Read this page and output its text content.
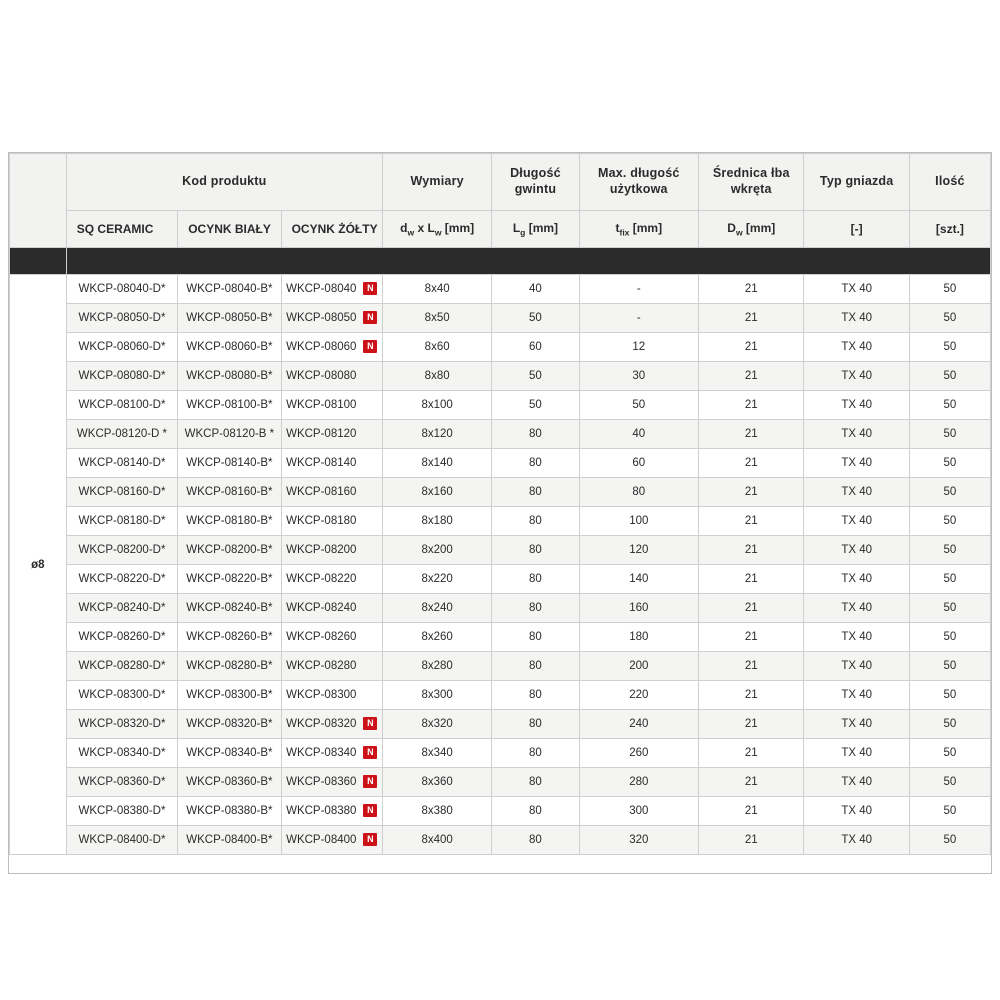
	Kod produktu			Wymiary	Długość gwintu	Max. długość użytkowa	Średnica łba wkręta	Typ gniazda	Ilość
	SQ CERAMIC	OCYNK BIAŁY	OCYNK ŻÓŁTY	$d_w$ x $L_w$ [mm]	$L_g$ [mm]	$t_{fix}$ [mm]	$D_w$ [mm]	[-]	[szt.]
	WKCP-8								
ø8	WKCP-08040-D*	WKCP-08040-B*	WKCP-08040 N	8x40	40	-	21	TX 40	50
	WKCP-08050-D*	WKCP-08050-B*	WKCP-08050 N	8x50	50	-	21	TX 40	50
	WKCP-08060-D*	WKCP-08060-B*	WKCP-08060 N	8x60	60	12	21	TX 40	50
	WKCP-08080-D*	WKCP-08080-B*	WKCP-08080	8x80	50	30	21	TX 40	50
	WKCP-08100-D*	WKCP-08100-B*	WKCP-08100	8x100	50	50	21	TX 40	50
	WKCP-08120-D *	WKCP-08120-B *	WKCP-08120	8x120	80	40	21	TX 40	50
	WKCP-08140-D*	WKCP-08140-B*	WKCP-08140	8x140	80	60	21	TX 40	50
	WKCP-08160-D*	WKCP-08160-B*	WKCP-08160	8x160	80	80	21	TX 40	50
	WKCP-08180-D*	WKCP-08180-B*	WKCP-08180	8x180	80	100	21	TX 40	50
	WKCP-08200-D*	WKCP-08200-B*	WKCP-08200	8x200	80	120	21	TX 40	50
	WKCP-08220-D*	WKCP-08220-B*	WKCP-08220	8x220	80	140	21	TX 40	50
	WKCP-08240-D*	WKCP-08240-B*	WKCP-08240	8x240	80	160	21	TX 40	50
	WKCP-08260-D*	WKCP-08260-B*	WKCP-08260	8x260	80	180	21	TX 40	50
	WKCP-08280-D*	WKCP-08280-B*	WKCP-08280	8x280	80	200	21	TX 40	50
	WKCP-08300-D*	WKCP-08300-B*	WKCP-08300	8x300	80	220	21	TX 40	50
	WKCP-08320-D*	WKCP-08320-B*	WKCP-08320 N	8x320	80	240	21	TX 40	50
	WKCP-08340-D*	WKCP-08340-B*	WKCP-08340 N	8x340	80	260	21	TX 40	50
	WKCP-08360-D*	WKCP-08360-B*	WKCP-08360 N	8x360	80	280	21	TX 40	50
	WKCP-08380-D*	WKCP-08380-B*	WKCP-08380 N	8x380	80	300	21	TX 40	50
	WKCP-08400-D*	WKCP-08400-B*	WKCP-08400 N	8x400	80	320	21	TX 40	50
